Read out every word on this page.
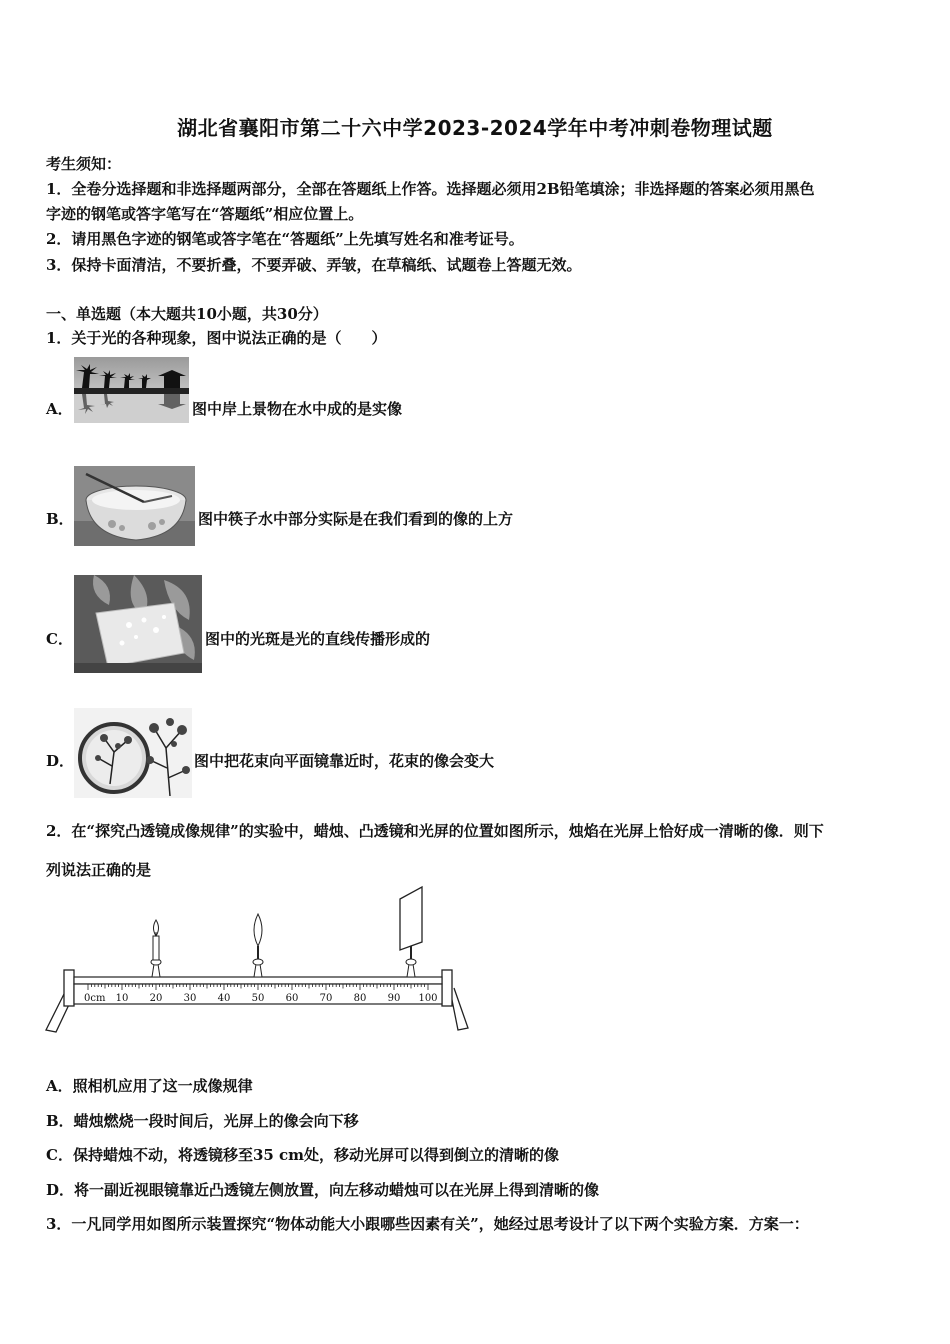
湖北省襄阳市第二十六中学2023-2024学年中考冲刺卷物理试题
考生须知：
1．全卷分选择题和非选择题两部分，全部在答题纸上作答。选择题必须用2B铅笔填涂；非选择题的答案必须用黑色
字迹的钢笔或答字笔写在“答题纸”相应位置上。
2．请用黑色字迹的钢笔或答字笔在“答题纸”上先填写姓名和准考证号。
3．保持卡面清洁，不要折叠，不要弄破、弄皱，在草稿纸、试题卷上答题无效。
一、单选题（本大题共10小题，共30分）
1．关于光的各种现象，图中说法正确的是（　　）
A．	图中岸上景物在水中成的是实像
B．	图中筷子水中部分实际是在我们看到的像的上方
C．	图中的光斑是光的直线传播形成的
D．	图中把花束向平面镜靠近时，花束的像会变大
2．在“探究凸透镜成像规律”的实验中，蜡烛、凸透镜和光屏的位置如图所示，烛焰在光屏上恰好成一清晰的像．则下
列说法正确的是
0cm 10 20 30 40 50 60 70 80 90 100
A．照相机应用了这一成像规律
B．蜡烛燃烧一段时间后，光屏上的像会向下移
C．保持蜡烛不动，将透镜移至35 cm处，移动光屏可以得到倒立的清晰的像
D．将一副近视眼镜靠近凸透镜左侧放置，向左移动蜡烛可以在光屏上得到清晰的像
3．一凡同学用如图所示装置探究“物体动能大小跟哪些因素有关”，她经过思考设计了以下两个实验方案．方案一：
